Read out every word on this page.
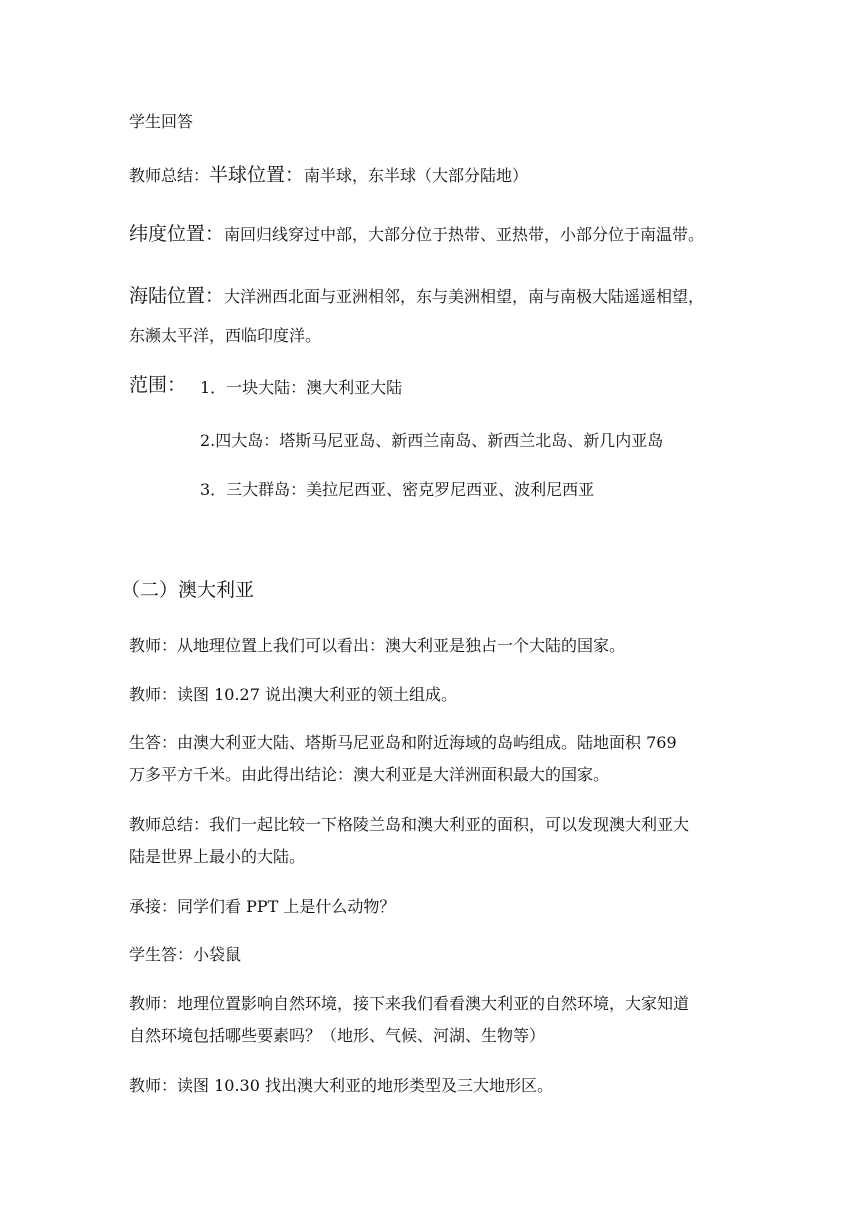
学生回答
教师总结：半球位置：南半球，东半球（大部分陆地）
纬度位置：南回归线穿过中部，大部分位于热带、亚热带，小部分位于南温带。
海陆位置：大洋洲西北面与亚洲相邻，东与美洲相望，南与南极大陆遥遥相望，
东濒太平洋，西临印度洋。
范围： 1．一块大陆：澳大利亚大陆
2.四大岛：塔斯马尼亚岛、新西兰南岛、新西兰北岛、新几内亚岛
3．三大群岛：美拉尼西亚、密克罗尼西亚、波利尼西亚
（二）澳大利亚
教师：从地理位置上我们可以看出：澳大利亚是独占一个大陆的国家。
教师：读图 10.27 说出澳大利亚的领土组成。
生答：由澳大利亚大陆、塔斯马尼亚岛和附近海域的岛屿组成。陆地面积 769
万多平方千米。由此得出结论：澳大利亚是大洋洲面积最大的国家。
教师总结：我们一起比较一下格陵兰岛和澳大利亚的面积，可以发现澳大利亚大
陆是世界上最小的大陆。
承接：同学们看 PPT 上是什么动物？
学生答：小袋鼠
教师：地理位置影响自然环境，接下来我们看看澳大利亚的自然环境，大家知道
自然环境包括哪些要素吗？（地形、气候、河湖、生物等）
教师：读图 10.30 找出澳大利亚的地形类型及三大地形区。
